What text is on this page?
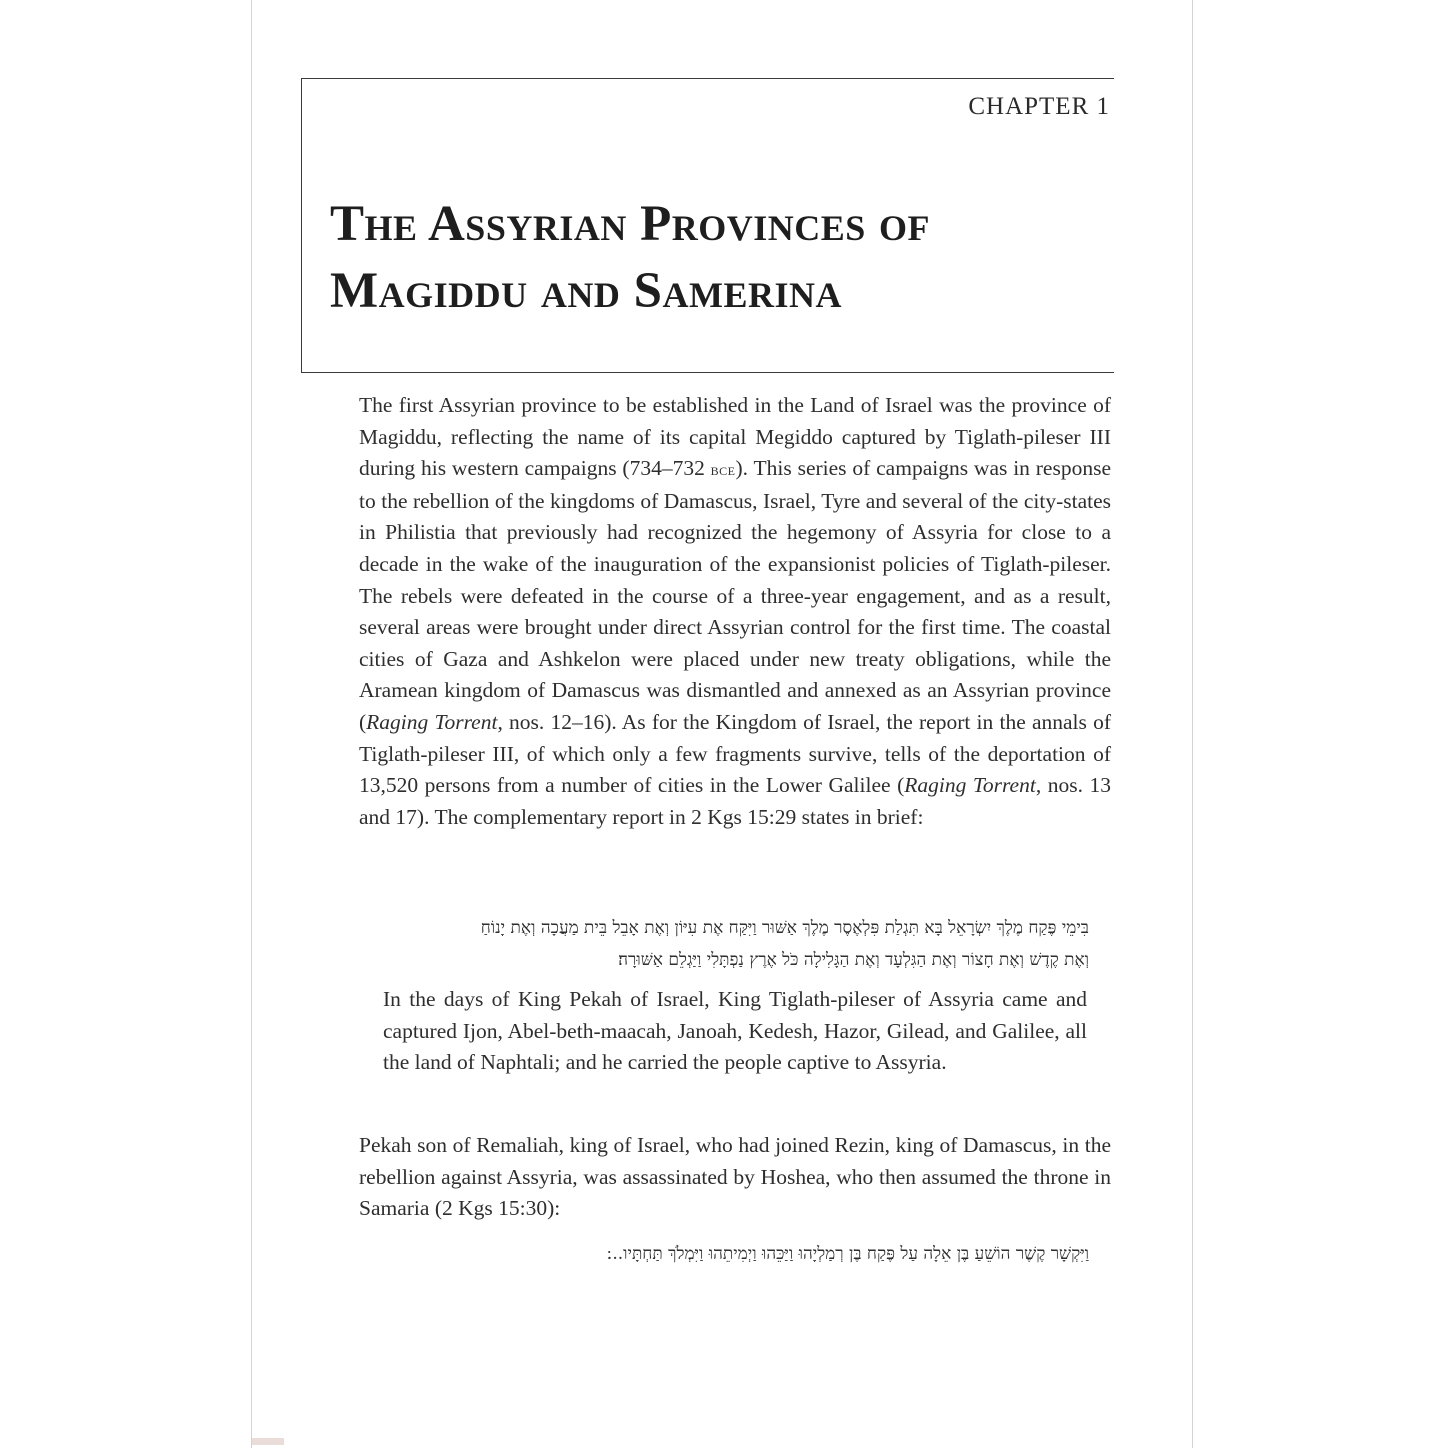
CHAPTER 1
The Assyrian Provinces of
Magiddu and Samerina

The first Assyrian province to be established in the Land of Israel was the province of Magiddu, reflecting the name of its capital Megiddo captured by Tiglath-pileser III during his western campaigns (734–732 bce). This series of campaigns was in response to the rebellion of the kingdoms of Damascus, Israel, Tyre and several of the city-states in Philistia that previously had recognized the hegemony of Assyria for close to a decade in the wake of the inauguration of the expansionist policies of Tiglath-pileser. The rebels were defeated in the course of a three-year engagement, and as a result, several areas were brought under direct Assyrian control for the first time. The coastal cities of Gaza and Ashkelon were placed under new treaty obligations, while the Aramean kingdom of Damascus was dismantled and annexed as an Assyrian province (Raging Torrent, nos. 12–16). As for the Kingdom of Israel, the report in the annals of Tiglath-pileser III, of which only a few fragments survive, tells of the deportation of 13,520 persons from a number of cities in the Lower Galilee (Raging Torrent, nos. 13 and 17). The complementary report in 2 Kgs 15:29 states in brief:

בִּימֵי פֶּקַח מֶלֶךְ יִשְׂרָאֵל בָּא תִּגְלַת פִּלְאֶסֶר מֶלֶךְ אַשּׁוּר וַיִּקַּח אֶת עִיּוֹן וְאֶת אָבֵל בֵּית מַעֲכָה וְאֶת יָנוֹחַ
וְאֶת קֶדֶשׁ וְאֶת חָצוֹר וְאֶת הַגִּלְעָד וְאֶת הַגָּלִילָה כֹּל אֶרֶץ נַפְתָּלִי וַיַּגְלֵם אַשּׁוּרָה׃
In the days of King Pekah of Israel, King Tiglath-pileser of Assyria came and captured Ijon, Abel-beth-maacah, Janoah, Kedesh, Hazor, Gilead, and Galilee, all the land of Naphtali; and he carried the people captive to Assyria.

Pekah son of Remaliah, king of Israel, who had joined Rezin, king of Damascus, in the rebellion against Assyria, was assassinated by Hoshea, who then assumed the throne in Samaria (2 Kgs 15:30):

וַיִּקְשָׁר קֶשֶׁר הוֹשֵׁעַ בֶּן אֵלָה עַל פֶּקַח בֶּן רְמַלְיָהוּ וַיַּכֵּהוּ וַיְמִיתֵהוּ וַיִּמְלֹךְ תַּחְתָּיו...׃
